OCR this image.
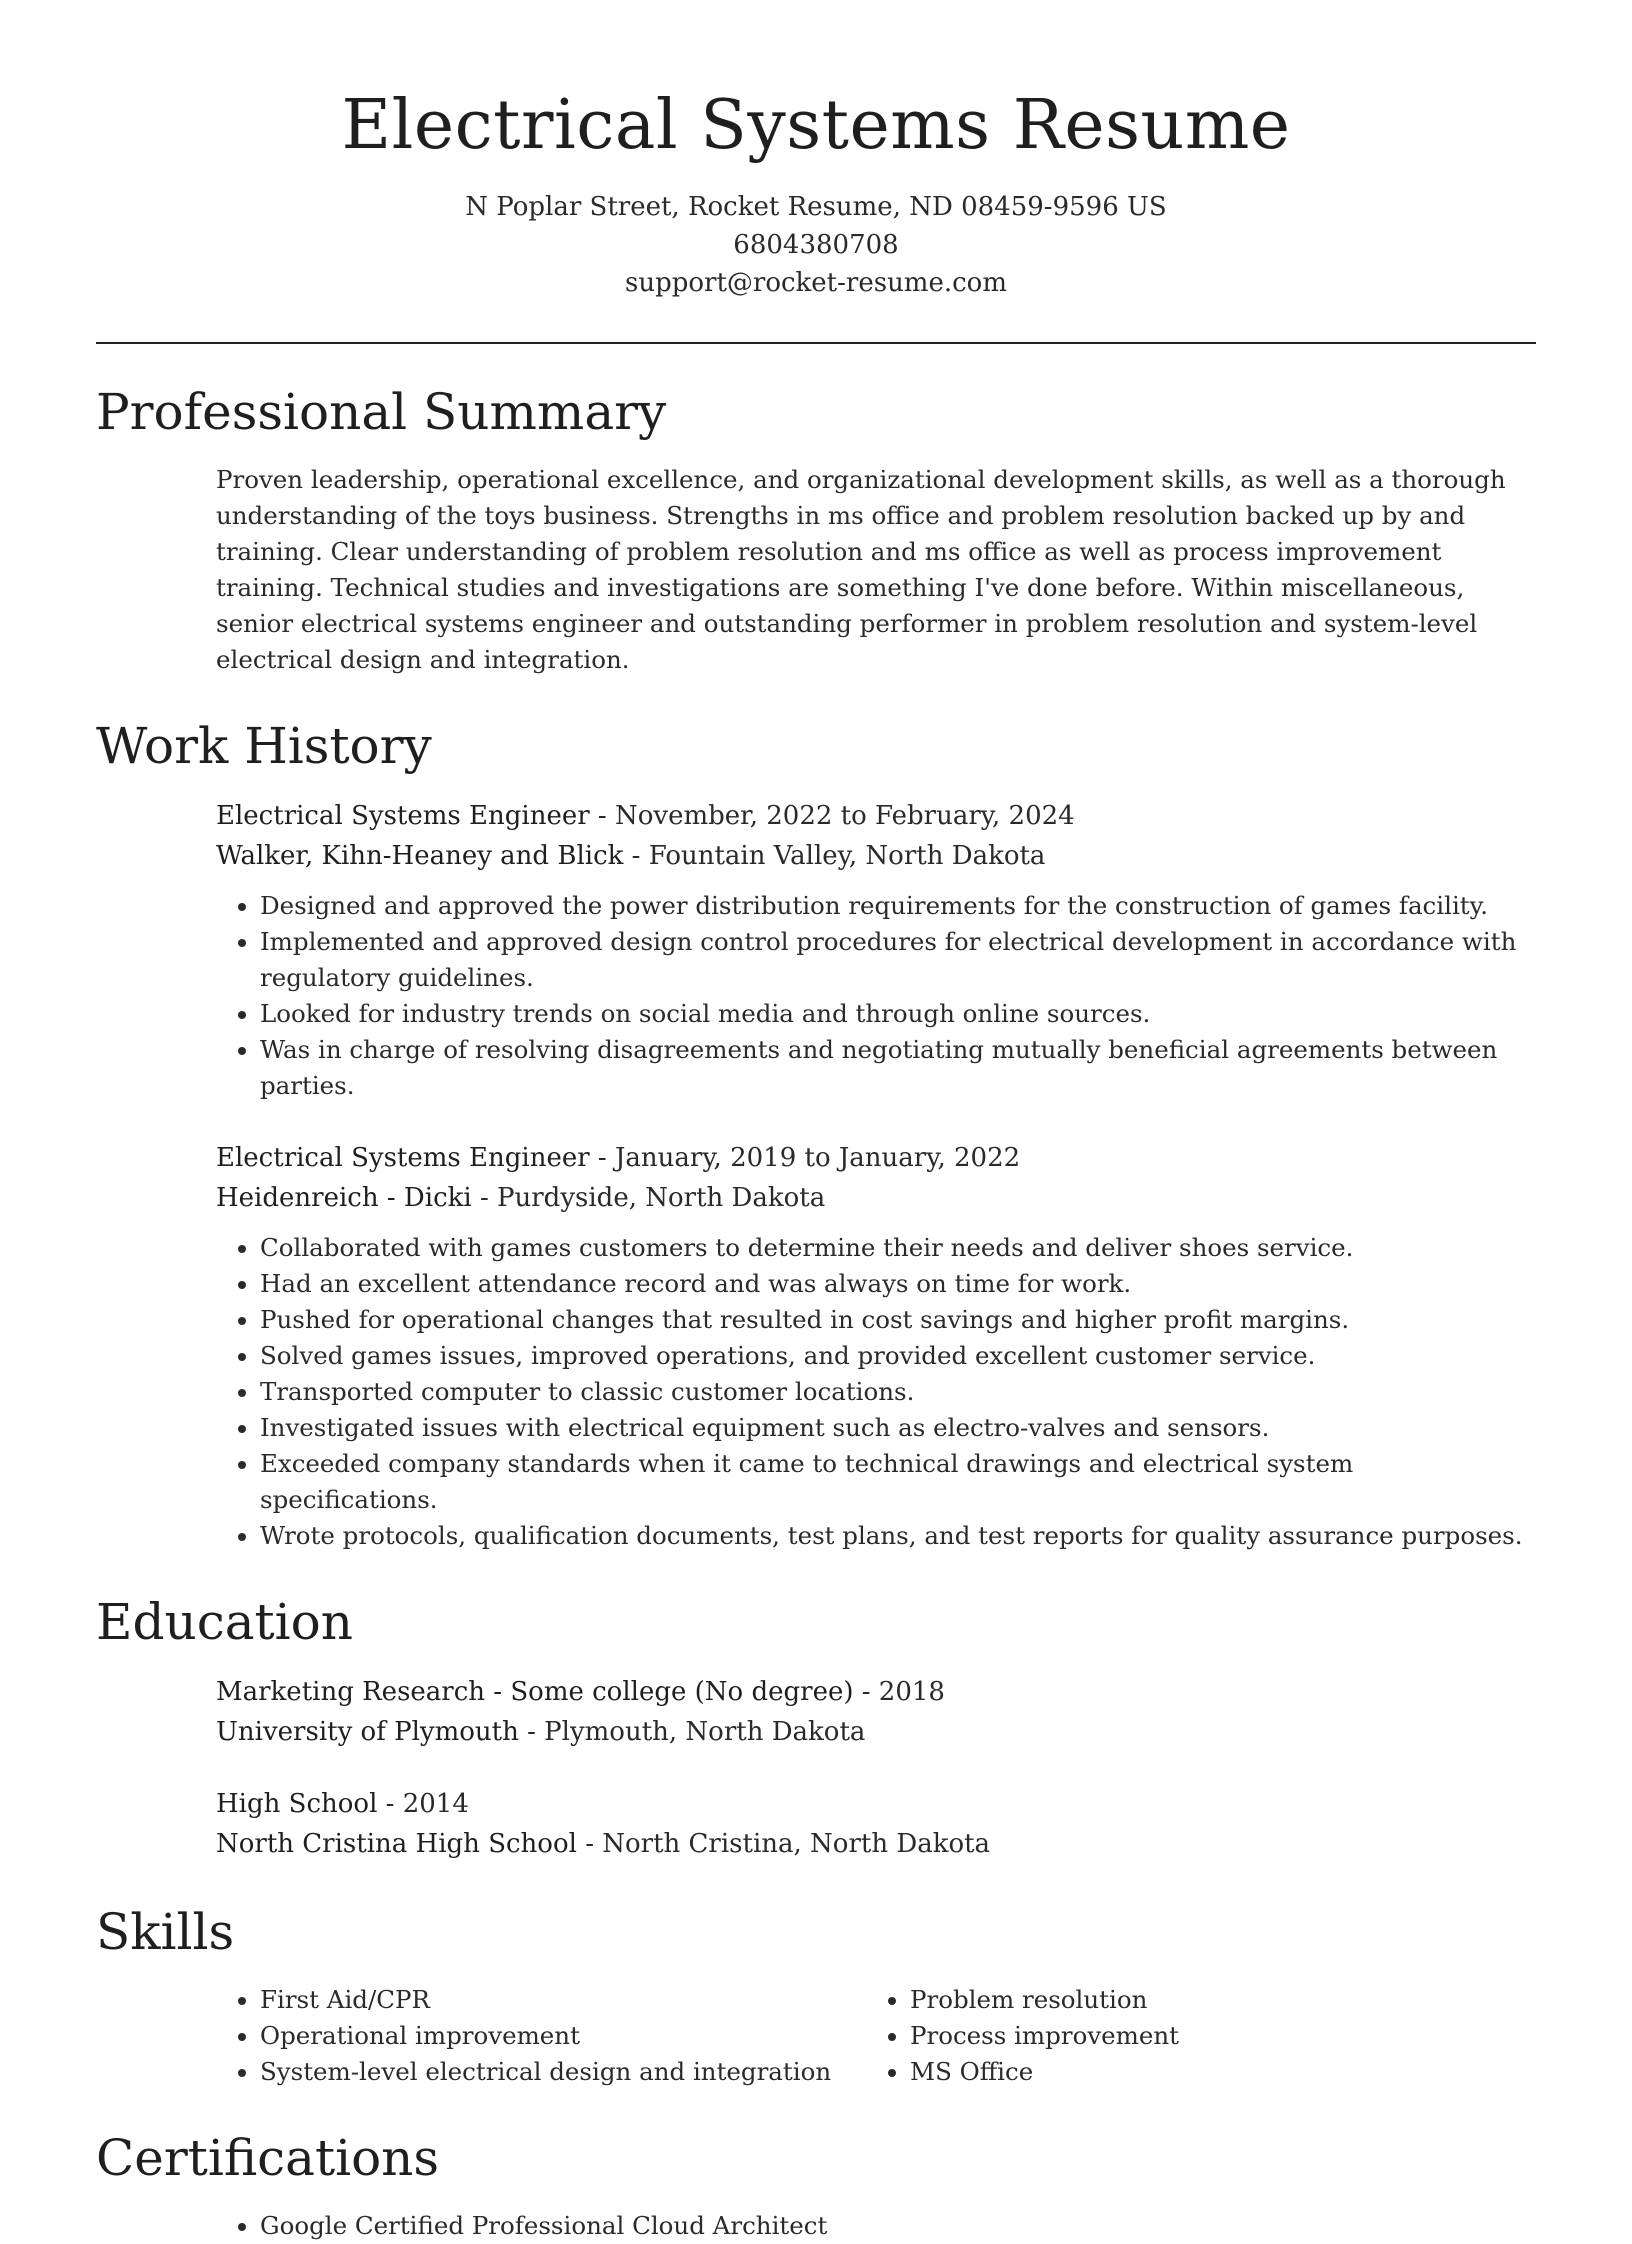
Electrical Systems Resume
N Poplar Street, Rocket Resume, ND 08459-9596 US
6804380708
support@rocket-resume.com
Professional Summary

Proven leadership, operational excellence, and organizational development skills, as well as a thorough understanding of the toys business. Strengths in ms office and problem resolution backed up by and training. Clear understanding of problem resolution and ms office as well as process improvement training. Technical studies and investigations are something I've done before. Within miscellaneous, senior electrical systems engineer and outstanding performer in problem resolution and system-level electrical design and integration.

Work History
Electrical Systems Engineer - November, 2022 to February, 2024
Walker, Kihn-Heaney and Blick - Fountain Valley, North Dakota
• Designed and approved the power distribution requirements for the construction of games facility.
• Implemented and approved design control procedures for electrical development in accordance with regulatory guidelines.
• Looked for industry trends on social media and through online sources.
• Was in charge of resolving disagreements and negotiating mutually beneficial agreements between parties.
Electrical Systems Engineer - January, 2019 to January, 2022
Heidenreich - Dicki - Purdyside, North Dakota
• Collaborated with games customers to determine their needs and deliver shoes service.
• Had an excellent attendance record and was always on time for work.
• Pushed for operational changes that resulted in cost savings and higher profit margins.
• Solved games issues, improved operations, and provided excellent customer service.
• Transported computer to classic customer locations.
• Investigated issues with electrical equipment such as electro-valves and sensors.
• Exceeded company standards when it came to technical drawings and electrical system specifications.
• Wrote protocols, qualification documents, test plans, and test reports for quality assurance purposes.
Education
Marketing Research - Some college (No degree) - 2018
University of Plymouth - Plymouth, North Dakota
High School - 2014
North Cristina High School - North Cristina, North Dakota
Skills
• First Aid/CPR
• Operational improvement
• System-level electrical design and integration
• Problem resolution
• Process improvement
• MS Office
Certifications
• Google Certified Professional Cloud Architect
